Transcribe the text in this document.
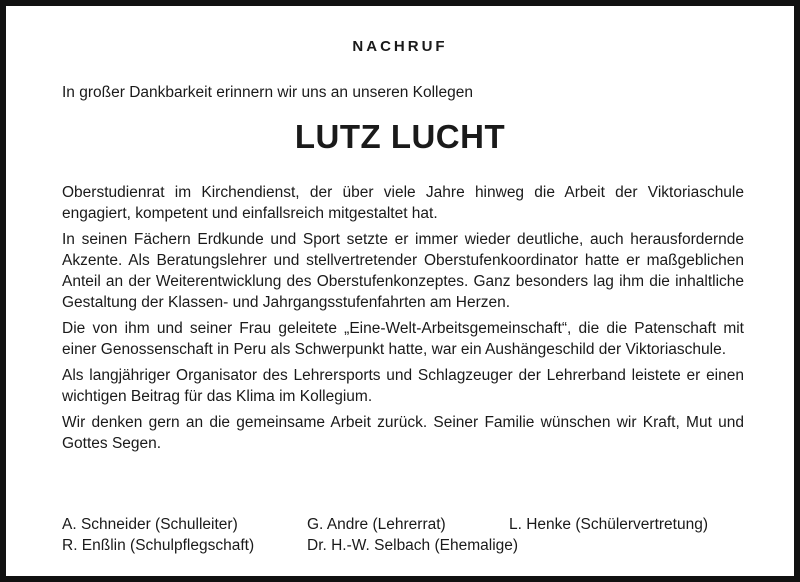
NACHRUF
In großer Dankbarkeit erinnern wir uns an unseren Kollegen
LUTZ LUCHT

Oberstudienrat im Kirchendienst, der über viele Jahre hinweg die Arbeit der Viktoriaschule engagiert, kompetent und einfallsreich mitgestaltet hat.

In seinen Fächern Erdkunde und Sport setzte er immer wieder deutliche, auch herausfordernde Akzente. Als Beratungslehrer und stellvertretender Oberstufenkoordinator hatte er maßgeblichen Anteil an der Weiterentwicklung des Oberstufenkonzeptes. Ganz besonders lag ihm die inhaltliche Gestaltung der Klassen- und Jahrgangsstufenfahrten am Herzen.

Die von ihm und seiner Frau geleitete „Eine-Welt-Arbeitsgemeinschaft“, die die Patenschaft mit einer Genossenschaft in Peru als Schwerpunkt hatte, war ein Aushängeschild der Viktoriaschule.

Als langjähriger Organisator des Lehrersports und Schlagzeuger der Lehrerband leistete er einen wichtigen Beitrag für das Klima im Kollegium.

Wir denken gern an die gemeinsame Arbeit zurück. Seiner Familie wünschen wir Kraft, Mut und Gottes Segen.

A. Schneider (Schulleiter)	G. Andre (Lehrerrat)	L. Henke (Schülervertretung)
R. Enßlin (Schulpflegschaft)	Dr. H.-W. Selbach (Ehemalige)
